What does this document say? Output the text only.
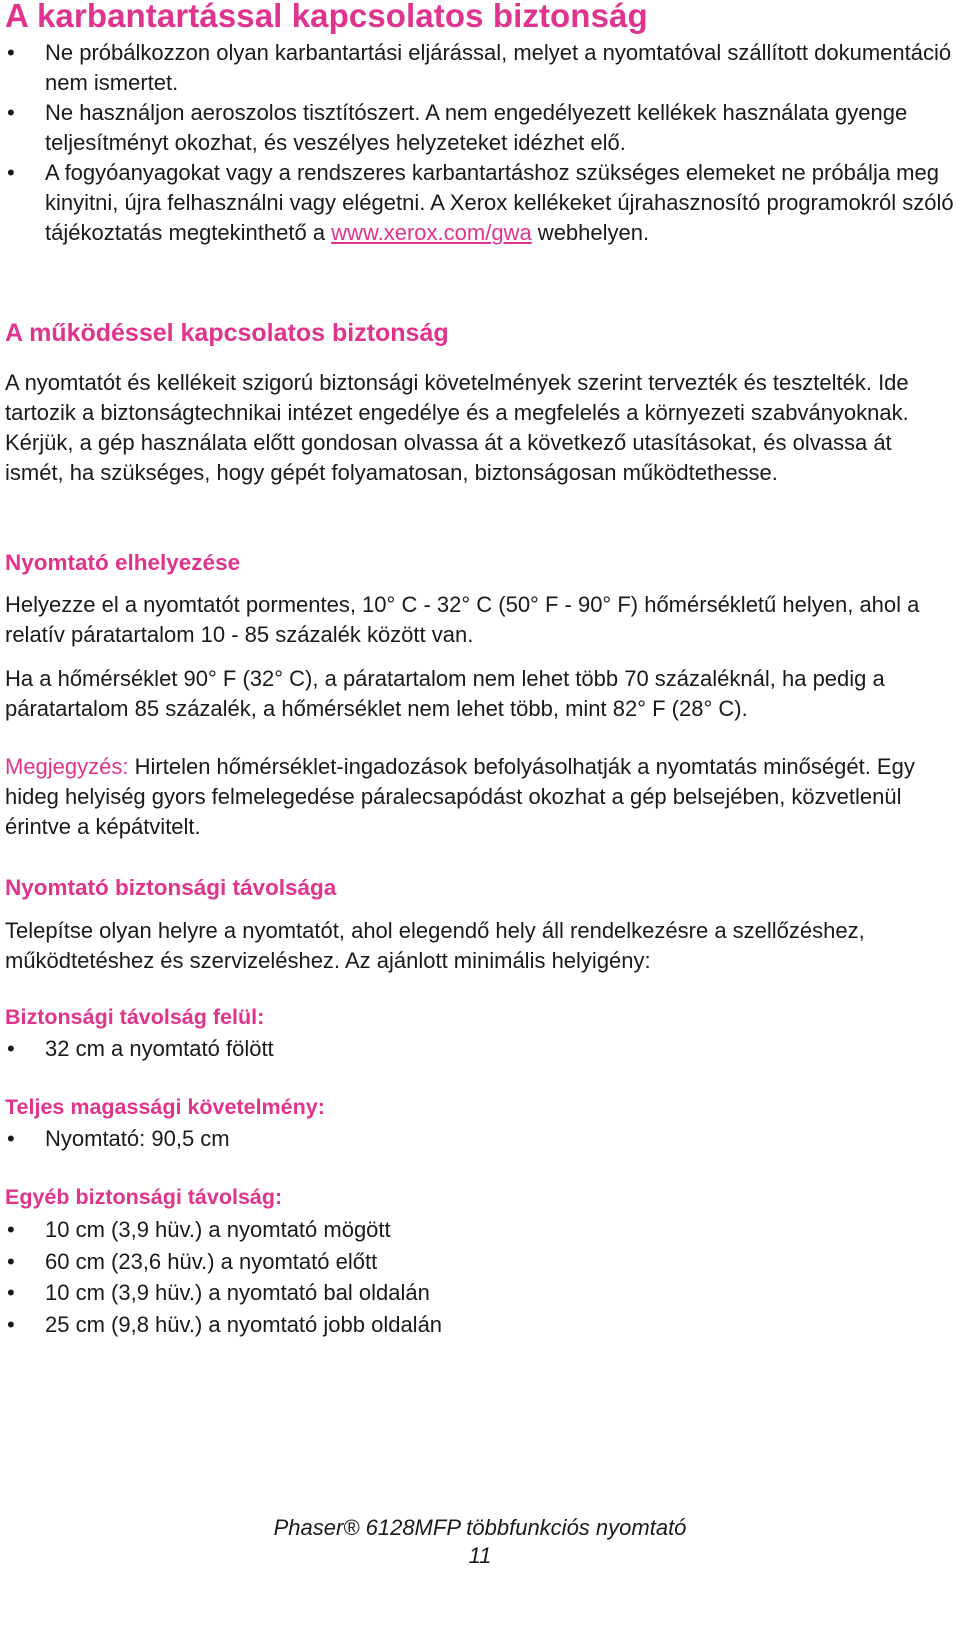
A karbantartással kapcsolatos biztonság
• Ne próbálkozzon olyan karbantartási eljárással, melyet a nyomtatóval szállított dokumentáció nem ismertet.
• Ne használjon aeroszolos tisztítószert. A nem engedélyezett kellékek használata gyenge teljesítményt okozhat, és veszélyes helyzeteket idézhet elő.
• A fogyóanyagokat vagy a rendszeres karbantartáshoz szükséges elemeket ne próbálja meg kinyitni, újra felhasználni vagy elégetni. A Xerox kellékeket újrahasznosító programokról szóló tájékoztatás megtekinthető a www.xerox.com/gwa webhelyen.
A működéssel kapcsolatos biztonság

A nyomtatót és kellékeit szigorú biztonsági követelmények szerint tervezték és tesztelték. Ide tartozik a biztonságtechnikai intézet engedélye és a megfelelés a környezeti szabványoknak. Kérjük, a gép használata előtt gondosan olvassa át a következő utasításokat, és olvassa át ismét, ha szükséges, hogy gépét folyamatosan, biztonságosan működtethesse.

Nyomtató elhelyezése

Helyezze el a nyomtatót pormentes, 10° C - 32° C (50° F - 90° F) hőmérsékletű helyen, ahol a relatív páratartalom 10 - 85 százalék között van.

Ha a hőmérséklet 90° F (32° C), a páratartalom nem lehet több 70 százaléknál, ha pedig a páratartalom 85 százalék, a hőmérséklet nem lehet több, mint 82° F (28° C).

Megjegyzés: Hirtelen hőmérséklet-ingadozások befolyásolhatják a nyomtatás minőségét. Egy hideg helyiség gyors felmelegedése páralecsapódást okozhat a gép belsejében, közvetlenül érintve a képátvitelt.

Nyomtató biztonsági távolsága

Telepítse olyan helyre a nyomtatót, ahol elegendő hely áll rendelkezésre a szellőzéshez, működtetéshez és szervizeléshez. Az ajánlott minimális helyigény:

Biztonsági távolság felül:
• 32 cm a nyomtató fölött
Teljes magassági követelmény:
• Nyomtató: 90,5 cm
Egyéb biztonsági távolság:
• 10 cm (3,9 hüv.) a nyomtató mögött
• 60 cm (23,6 hüv.) a nyomtató előtt
• 10 cm (3,9 hüv.) a nyomtató bal oldalán
• 25 cm (9,8 hüv.) a nyomtató jobb oldalán
Phaser® 6128MFP többfunkciós nyomtató
11
